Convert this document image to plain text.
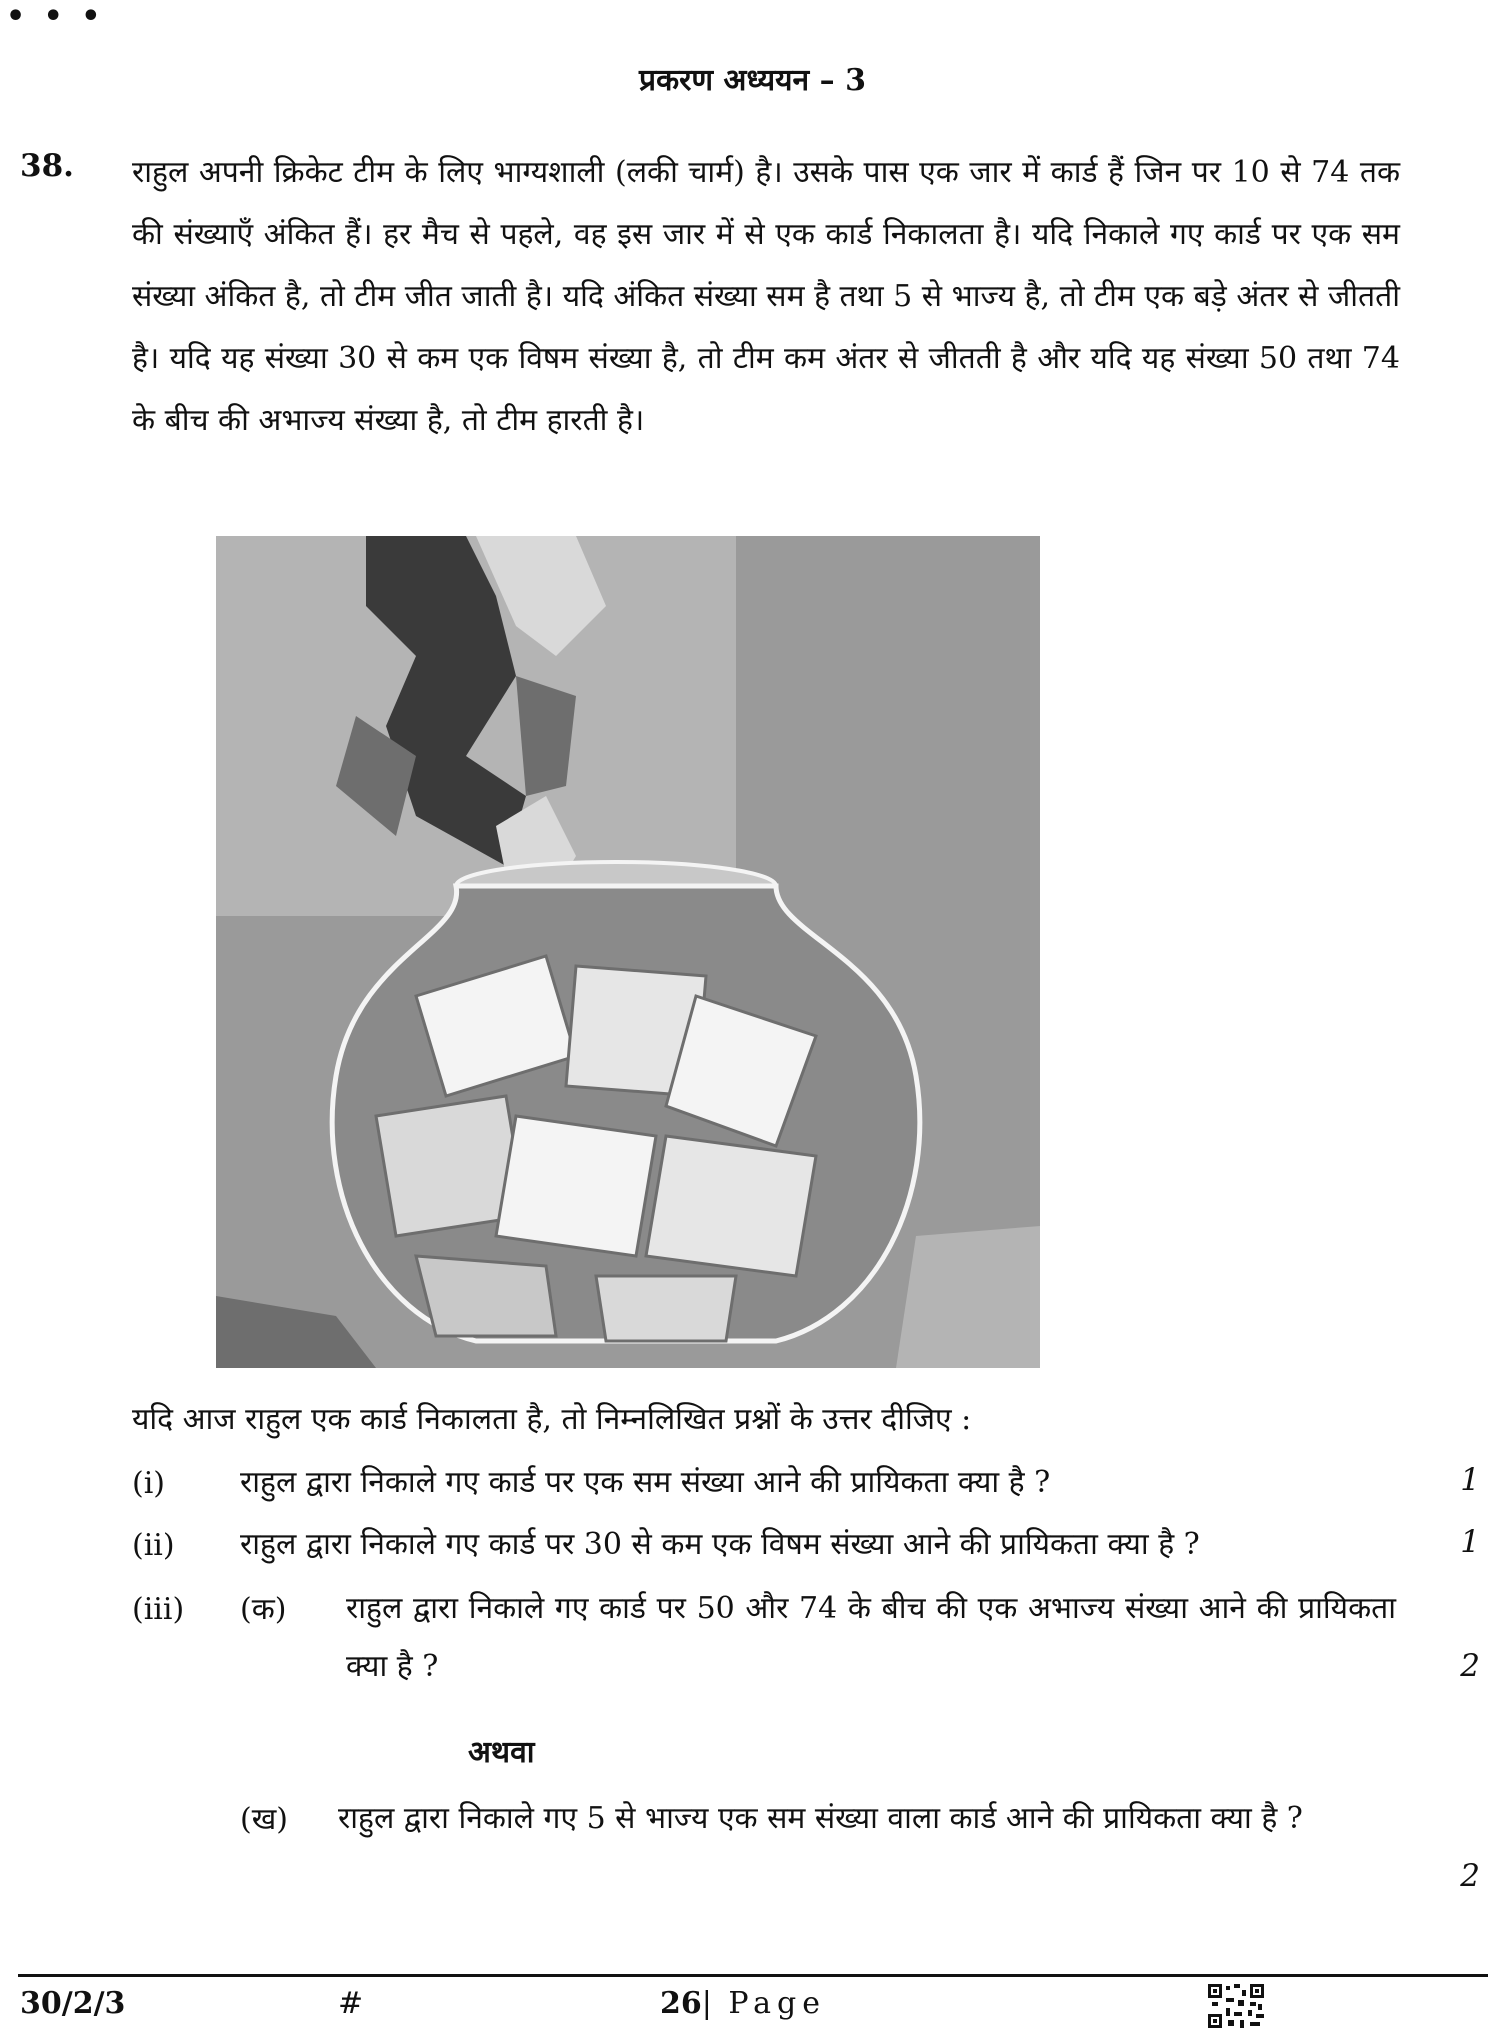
• • •
प्रकरण अध्ययन – 3
38. राहुल अपनी क्रिकेट टीम के लिए भाग्यशाली (लकी चार्म) है। उसके पास एक जार में कार्ड हैं जिन पर 10 से 74 तक की संख्याएँ अंकित हैं। हर मैच से पहले, वह इस जार में से एक कार्ड निकालता है। यदि निकाले गए कार्ड पर एक सम संख्या अंकित है, तो टीम जीत जाती है। यदि अंकित संख्या सम है तथा 5 से भाज्य है, तो टीम एक बड़े अंतर से जीतती है। यदि यह संख्या 30 से कम एक विषम संख्या है, तो टीम कम अंतर से जीतती है और यदि यह संख्या 50 तथा 74 के बीच की अभाज्य संख्या है, तो टीम हारती है।
यदि आज राहुल एक कार्ड निकालता है, तो निम्नलिखित प्रश्नों के उत्तर दीजिए :
(i) राहुल द्वारा निकाले गए कार्ड पर एक सम संख्या आने की प्रायिकता क्या है ?	1
(ii) राहुल द्वारा निकाले गए कार्ड पर 30 से कम एक विषम संख्या आने की प्रायिकता क्या है ?	1
(iii) (क) राहुल द्वारा निकाले गए कार्ड पर 50 और 74 के बीच की एक अभाज्य संख्या आने की प्रायिकता क्या है ?	2
अथवा
(ख) राहुल द्वारा निकाले गए 5 से भाज्य एक सम संख्या वाला कार्ड आने की प्रायिकता क्या है ?
2
30/2/3	#	26| Page
